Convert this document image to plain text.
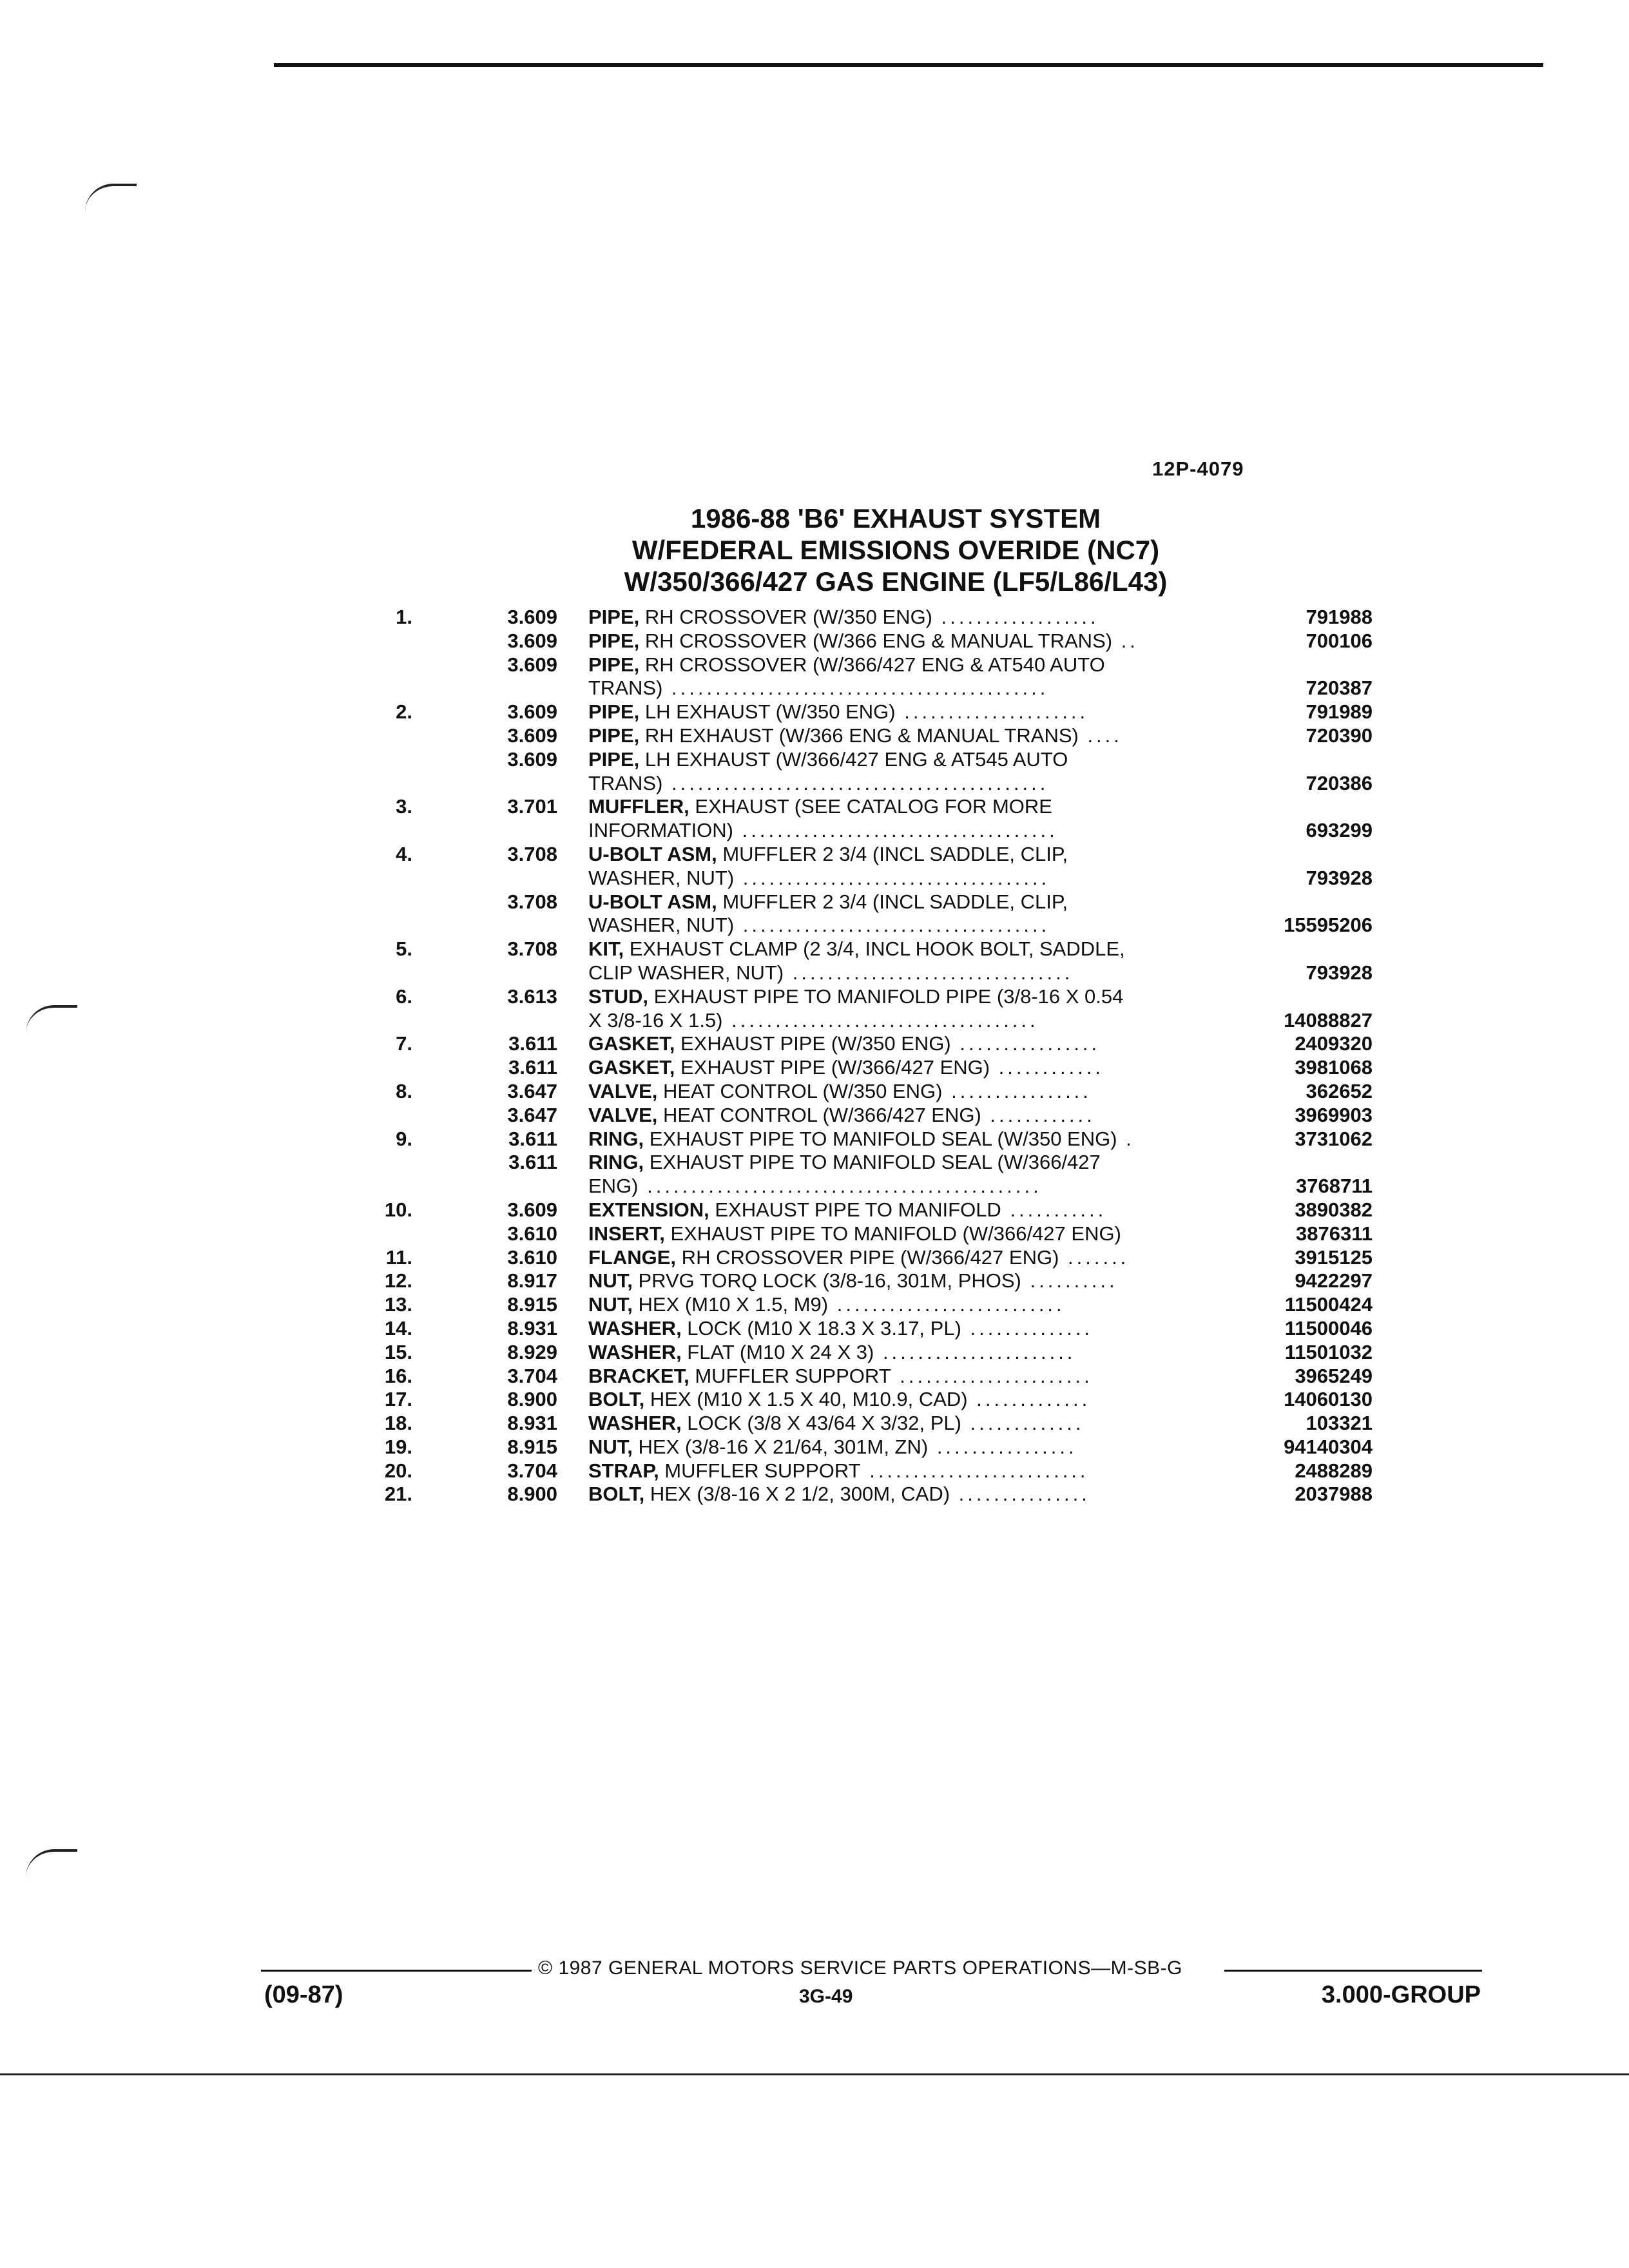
12P-4079
1986-88 'B6' EXHAUST SYSTEM
W/FEDERAL EMISSIONS OVERIDE (NC7)
W/350/366/427 GAS ENGINE (LF5/L86/L43)
1.	3.609 PIPE, RH CROSSOVER (W/350 ENG) ..................	791988
3.609 PIPE, RH CROSSOVER (W/366 ENG & MANUAL TRANS) ..	700106
3.609 PIPE, RH CROSSOVER (W/366/427 ENG & AT540 AUTO
TRANS) ...........................................	720387
2.	3.609 PIPE, LH EXHAUST (W/350 ENG) .....................	791989
3.609 PIPE, RH EXHAUST (W/366 ENG & MANUAL TRANS) ....	720390
3.609 PIPE, LH EXHAUST (W/366/427 ENG & AT545 AUTO
TRANS) ...........................................	720386
3.	3.701 MUFFLER, EXHAUST (SEE CATALOG FOR MORE
INFORMATION) ....................................	693299
4.	3.708 U-BOLT ASM, MUFFLER 2 3/4 (INCL SADDLE, CLIP,
WASHER, NUT) ...................................	793928
3.708 U-BOLT ASM, MUFFLER 2 3/4 (INCL SADDLE, CLIP,
WASHER, NUT) ...................................	15595206
5.	3.708 KIT, EXHAUST CLAMP (2 3/4, INCL HOOK BOLT, SADDLE,
CLIP WASHER, NUT) ................................	793928
6.	3.613 STUD, EXHAUST PIPE TO MANIFOLD PIPE (3/8-16 X 0.54
X 3/8-16 X 1.5) ...................................	14088827
7.	3.611 GASKET, EXHAUST PIPE (W/350 ENG) ................	2409320
3.611 GASKET, EXHAUST PIPE (W/366/427 ENG) ............	3981068
8.	3.647 VALVE, HEAT CONTROL (W/350 ENG) ................	362652
3.647 VALVE, HEAT CONTROL (W/366/427 ENG) ............	3969903
9.	3.611 RING, EXHAUST PIPE TO MANIFOLD SEAL (W/350 ENG) .	3731062
3.611 RING, EXHAUST PIPE TO MANIFOLD SEAL (W/366/427
ENG) .............................................	3768711
10.	3.609 EXTENSION, EXHAUST PIPE TO MANIFOLD ...........	3890382
3.610 INSERT, EXHAUST PIPE TO MANIFOLD (W/366/427 ENG)	3876311
11.	3.610 FLANGE, RH CROSSOVER PIPE (W/366/427 ENG) .......	3915125
12.	8.917 NUT, PRVG TORQ LOCK (3/8-16, 301M, PHOS) ..........	9422297
13.	8.915 NUT, HEX (M10 X 1.5, M9) ..........................	11500424
14.	8.931 WASHER, LOCK (M10 X 18.3 X 3.17, PL) ..............	11500046
15.	8.929 WASHER, FLAT (M10 X 24 X 3) ......................	11501032
16.	3.704 BRACKET, MUFFLER SUPPORT ......................	3965249
17.	8.900 BOLT, HEX (M10 X 1.5 X 40, M10.9, CAD) .............	14060130
18.	8.931 WASHER, LOCK (3/8 X 43/64 X 3/32, PL) .............	103321
19.	8.915 NUT, HEX (3/8-16 X 21/64, 301M, ZN) ................	94140304
20.	3.704 STRAP, MUFFLER SUPPORT .........................	2488289
21.	8.900 BOLT, HEX (3/8-16 X 2 1/2, 300M, CAD) ...............	2037988
© 1987 GENERAL MOTORS SERVICE PARTS OPERATIONS—M-SB-G
(09-87)	3G-49	3.000-GROUP
